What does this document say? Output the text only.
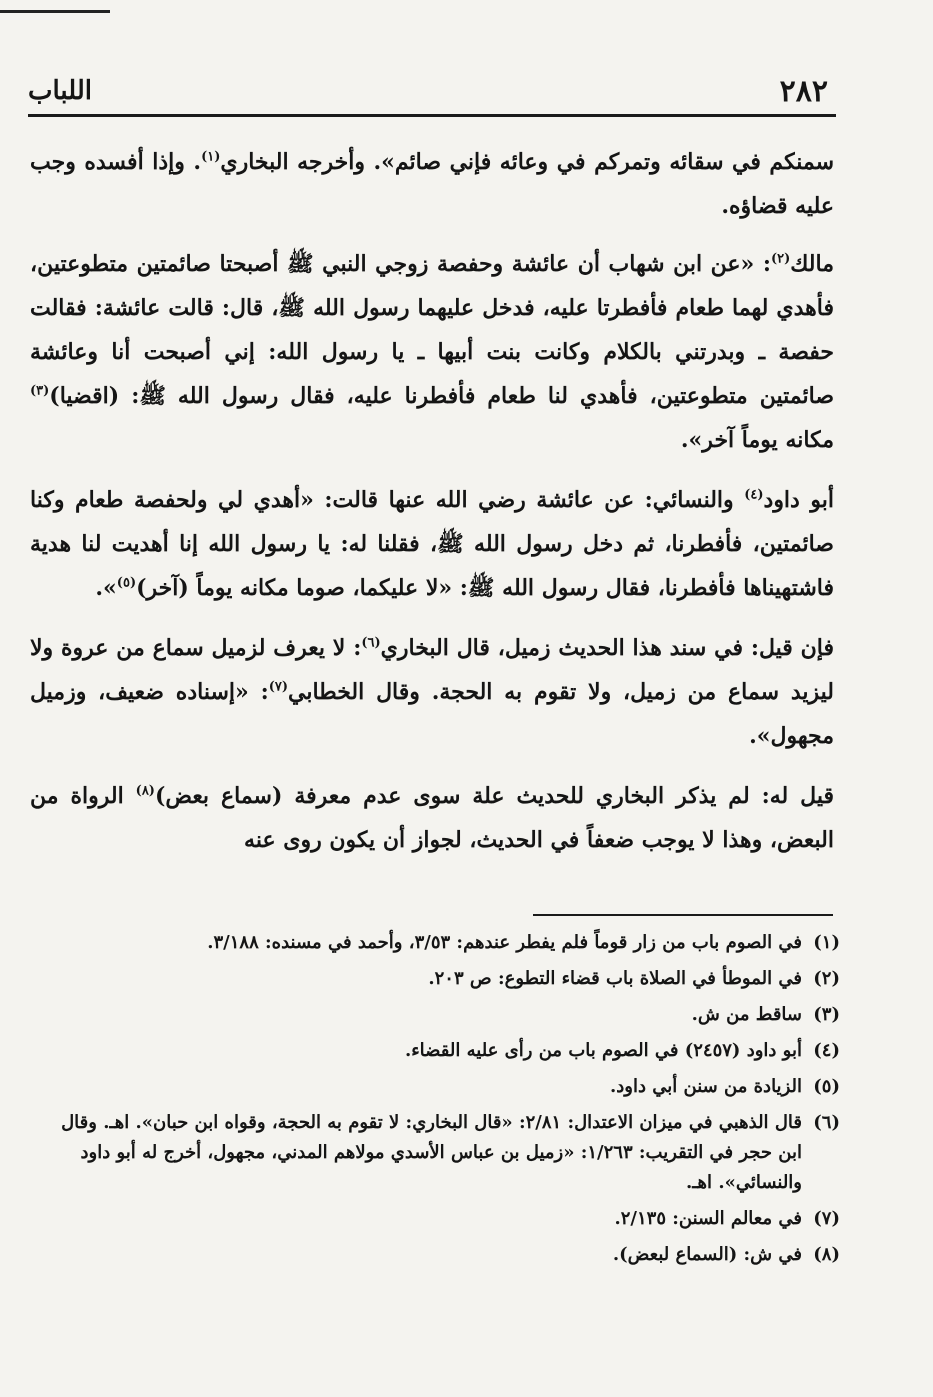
٢٨٢
اللباب

سمنكم في سقائه وتمركم في وعائه فإني صائم». وأخرجه البخاري$^{(١)}$. وإذا أفسده وجب عليه قضاؤه.

مالك$^{(٢)}$: «عن ابن شهاب أن عائشة وحفصة زوجي النبي ﷺ أصبحتا صائمتين متطوعتين، فأهدي لهما طعام فأفطرتا عليه، فدخل عليهما رسول الله ﷺ، قال: قالت عائشة: فقالت حفصة ـ وبدرتني بالكلام وكانت بنت أبيها ـ يا رسول الله: إني أصبحت أنا وعائشة صائمتين متطوعتين، فأهدي لنا طعام فأفطرنا عليه، فقال رسول الله ﷺ: (اقضيا)$^{(٣)}$ مكانه يوماً آخر».

أبو داود$^{(٤)}$ والنسائي: عن عائشة رضي الله عنها قالت: «أهدي لي ولحفصة طعام وكنا صائمتين، فأفطرنا، ثم دخل رسول الله ﷺ، فقلنا له: يا رسول الله إنا أهديت لنا هدية فاشتهيناها فأفطرنا، فقال رسول الله ﷺ: «لا عليكما، صوما مكانه يوماً (آخر)$^{(٥)}$».

فإن قيل: في سند هذا الحديث زميل، قال البخاري$^{(٦)}$: لا يعرف لزميل سماع من عروة ولا ليزيد سماع من زميل، ولا تقوم به الحجة. وقال الخطابي$^{(٧)}$: «إسناده ضعيف، وزميل مجهول».

قيل له: لم يذكر البخاري للحديث علة سوى عدم معرفة (سماع بعض)$^{(٨)}$ الرواة من البعض، وهذا لا يوجب ضعفاً في الحديث، لجواز أن يكون روى عنه

(١)
في الصوم باب من زار قوماً فلم يفطر عندهم: ٣/٥٣، وأحمد في مسنده: ٣/١٨٨.
(٢)
في الموطأ في الصلاة باب قضاء التطوع: ص ٢٠٣.
(٣)
ساقط من ش.
(٤)
أبو داود (٢٤٥٧) في الصوم باب من رأى عليه القضاء.
(٥)
الزيادة من سنن أبي داود.
(٦)
قال الذهبي في ميزان الاعتدال: ٢/٨١: «قال البخاري: لا تقوم به الحجة، وقواه ابن حبان». اهـ. وقال ابن حجر في التقريب: ١/٢٦٣: «زميل بن عباس الأسدي مولاهم المدني، مجهول، أخرج له أبو داود والنسائي». اهـ.
(٧)
في معالم السنن: ٢/١٣٥.
(٨)
في ش: (السماع لبعض).
